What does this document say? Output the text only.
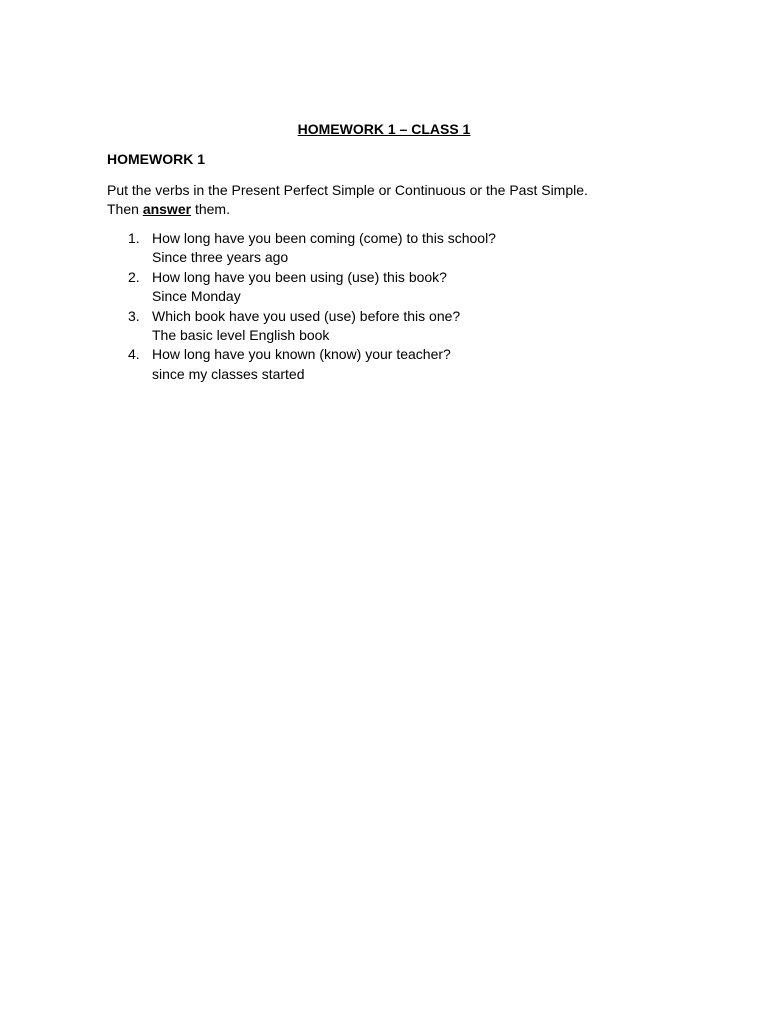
HOMEWORK 1 – CLASS 1
HOMEWORK 1

Put the verbs in the Present Perfect Simple or Continuous or the Past Simple.
Then answer them.

1. How long have you been coming (come) to this school?
Since three years ago
2. How long have you been using (use) this book?
Since Monday
3. Which book have you used (use) before this one?
The basic level English book
4. How long have you known (know) your teacher?
since my classes started
